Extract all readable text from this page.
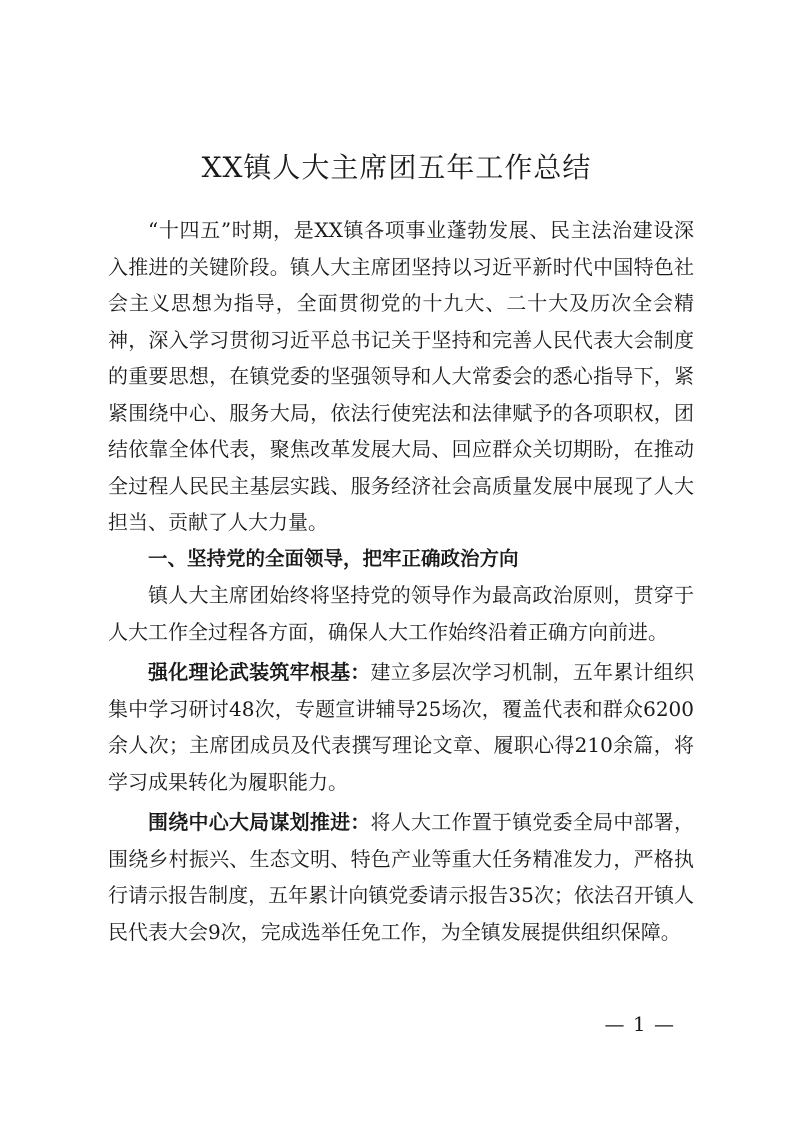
XX镇人大主席团五年工作总结

“十四五”时期，是XX镇各项事业蓬勃发展、民主法治建设深入推进的关键阶段。镇人大主席团坚持以习近平新时代中国特色社会主义思想为指导，全面贯彻党的十九大、二十大及历次全会精神，深入学习贯彻习近平总书记关于坚持和完善人民代表大会制度的重要思想，在镇党委的坚强领导和人大常委会的悉心指导下，紧紧围绕中心、服务大局，依法行使宪法和法律赋予的各项职权，团结依靠全体代表，聚焦改革发展大局、回应群众关切期盼，在推动全过程人民民主基层实践、服务经济社会高质量发展中展现了人大担当、贡献了人大力量。

一、坚持党的全面领导，把牢正确政治方向

镇人大主席团始终将坚持党的领导作为最高政治原则，贯穿于人大工作全过程各方面，确保人大工作始终沿着正确方向前进。

强化理论武装筑牢根基：建立多层次学习机制，五年累计组织集中学习研讨48次，专题宣讲辅导25场次，覆盖代表和群众6200余人次；主席团成员及代表撰写理论文章、履职心得210余篇，将学习成果转化为履职能力。

围绕中心大局谋划推进：将人大工作置于镇党委全局中部署，围绕乡村振兴、生态文明、特色产业等重大任务精准发力，严格执行请示报告制度，五年累计向镇党委请示报告35次；依法召开镇人民代表大会9次，完成选举任免工作，为全镇发展提供组织保障。

— 1 —
